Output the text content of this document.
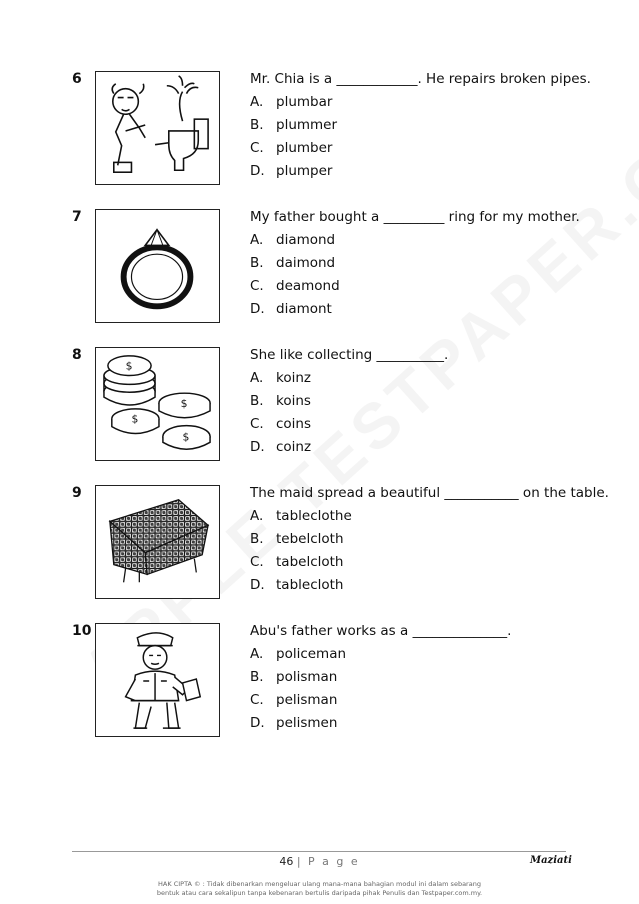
6	Mr. Chia is a ____________. He repairs broken pipes.
A. plumbar
B. plummer
C. plumber
D. plumper
7	My father bought a _________ ring for my mother.
A. diamond
B. daimond
C. deamond
D. diamont
8
$
$
$
$
She like collecting __________.
A. koinz
B. koins
C. coins
D. coinz
9	The maid spread a beautiful ___________ on the table.
A. tableclothe
B. tebelcloth
C. tabelcloth
D. tablecloth
10	Abu's father works as a ______________.
A. policeman
B. polisman
C. pelisman
D. pelismen
46 | P a g e	Maziati
HAK CIPTA © : Tidak dibenarkan mengeluar ulang mana-mana bahagian modul ini dalam sebarang
bentuk atau cara sekalipun tanpa kebenaran bertulis daripada pihak Penulis dan Testpaper.com.my.
